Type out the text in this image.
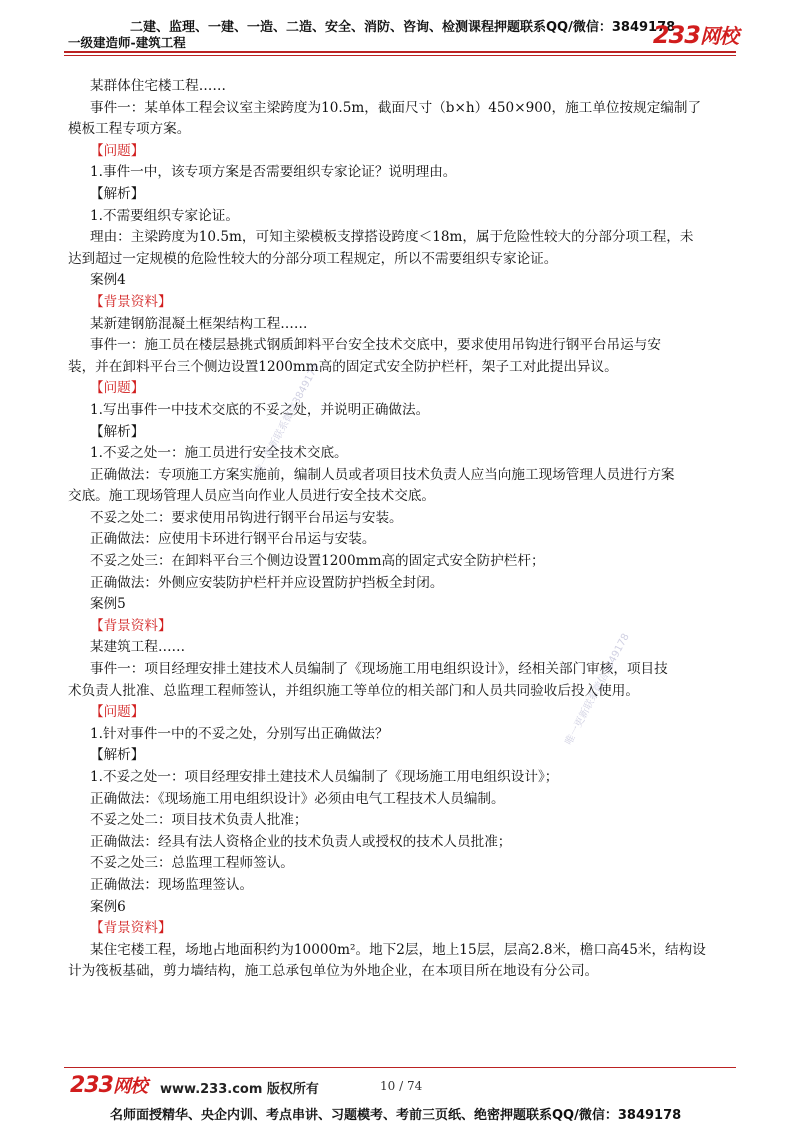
二建、监理、一建、一造、二造、安全、消防、咨询、检测课程押题联系QQ/微信：3849178
一级建造师-建筑工程	233网校
某群体住宅楼工程……
事件一：某单体工程会议室主梁跨度为10.5m，截面尺寸（b×h）450×900，施工单位按规定编制了
模板工程专项方案。
【问题】
1.事件一中，该专项方案是否需要组织专家论证？说明理由。
【解析】
1.不需要组织专家论证。
理由：主梁跨度为10.5m，可知主梁模板支撑搭设跨度＜18m，属于危险性较大的分部分项工程，未
达到超过一定规模的危险性较大的分部分项工程规定，所以不需要组织专家论证。
案例4
【背景资料】
某新建钢筋混凝土框架结构工程……
事件一：施工员在楼层悬挑式钢质卸料平台安全技术交底中，要求使用吊钩进行钢平台吊运与安
装，并在卸料平台三个侧边设置1200mm高的固定式安全防护栏杆，架子工对此提出异议。
【问题】
1.写出事件一中技术交底的不妥之处，并说明正确做法。
【解析】
1.不妥之处一：施工员进行安全技术交底。
正确做法：专项施工方案实施前，编制人员或者项目技术负责人应当向施工现场管理人员进行方案
交底。施工现场管理人员应当向作业人员进行安全技术交底。
不妥之处二：要求使用吊钩进行钢平台吊运与安装。
正确做法：应使用卡环进行钢平台吊运与安装。
不妥之处三：在卸料平台三个侧边设置1200mm高的固定式安全防护栏杆；
正确做法：外侧应安装防护栏杆并应设置防护挡板全封闭。
案例5
【背景资料】
某建筑工程……
事件一：项目经理安排土建技术人员编制了《现场施工用电组织设计》，经相关部门审核，项目技
术负责人批准、总监理工程师签认，并组织施工等单位的相关部门和人员共同验收后投入使用。
【问题】
1.针对事件一中的不妥之处，分别写出正确做法？
【解析】
1.不妥之处一：项目经理安排土建技术人员编制了《现场施工用电组织设计》；
正确做法：《现场施工用电组织设计》必须由电气工程技术人员编制。
不妥之处二：项目技术负责人批准；
正确做法：经具有法人资格企业的技术负责人或授权的技术人员批准；
不妥之处三：总监理工程师签认。
正确做法：现场监理签认。
案例6
【背景资料】
某住宅楼工程，场地占地面积约为10000m²。地下2层，地上15层，层高2.8米，檐口高45米，结构设
计为筏板基础，剪力墙结构，施工总承包单位为外地企业，在本项目所在地设有分公司。
唯一更新联系微信3849178
唯一更新联系微信3849178
233网校 www.233.com 版权所有	10 / 74
名师面授精华、央企内训、考点串讲、习题模考、考前三页纸、绝密押题联系QQ/微信：3849178
